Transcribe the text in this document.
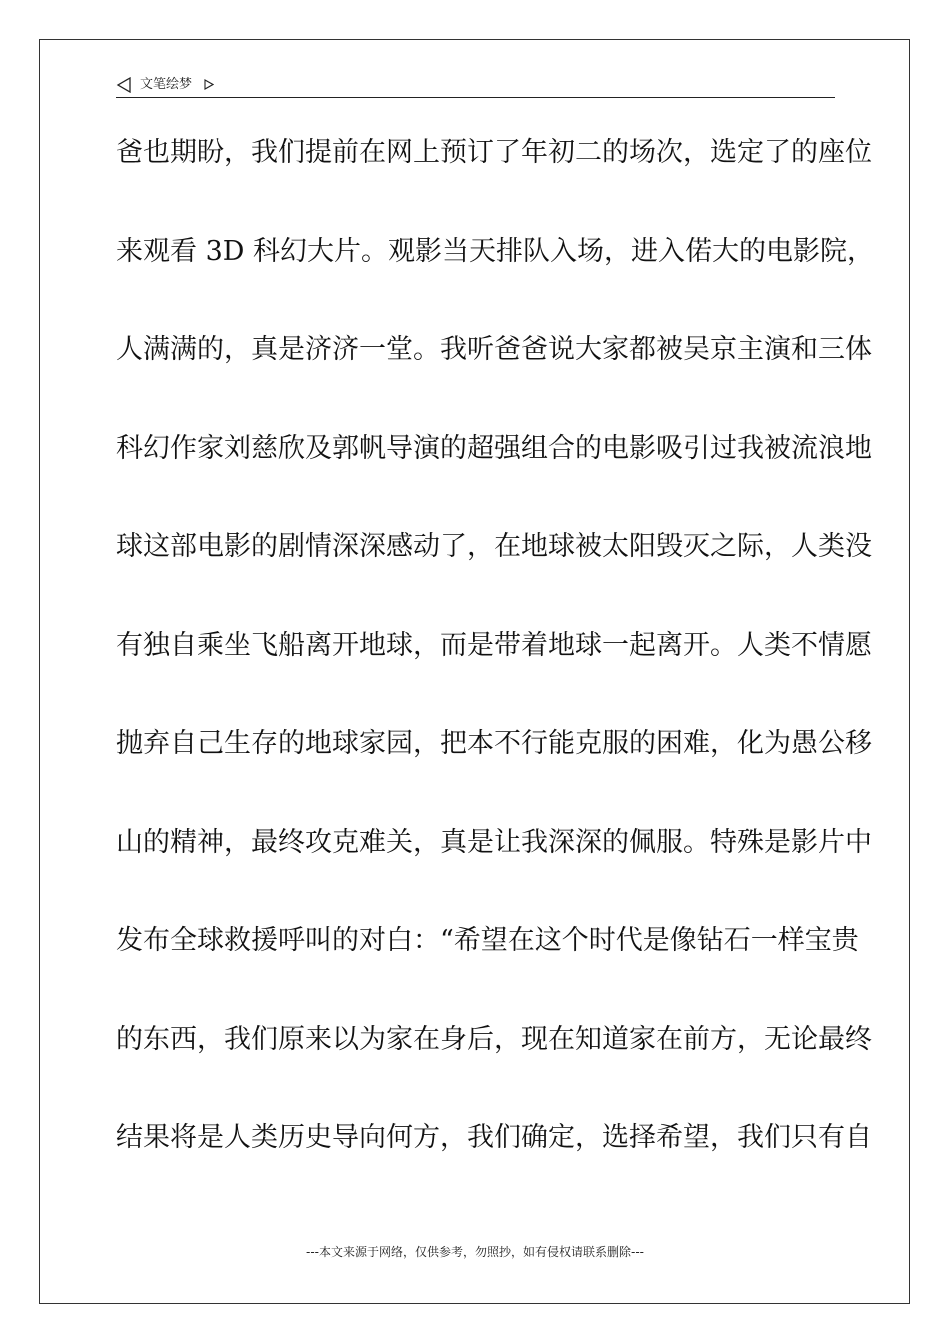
文笔绘梦
爸也期盼，我们提前在网上预订了年初二的场次，选定了的座位
来观看 3D 科幻大片。观影当天排队入场，进入偌大的电影院，
人满满的，真是济济一堂。我听爸爸说大家都被吴京主演和三体
科幻作家刘慈欣及郭帆导演的超强组合的电影吸引过我被流浪地
球这部电影的剧情深深感动了，在地球被太阳毁灭之际，人类没
有独自乘坐飞船离开地球，而是带着地球一起离开。人类不情愿
抛弃自己生存的地球家园，把本不行能克服的困难，化为愚公移
山的精神，最终攻克难关，真是让我深深的佩服。特殊是影片中
发布全球救援呼叫的对白：“希望在这个时代是像钻石一样宝贵
的东西，我们原来以为家在身后，现在知道家在前方，无论最终
结果将是人类历史导向何方，我们确定，选择希望，我们只有自
---本文来源于网络，仅供参考，勿照抄，如有侵权请联系删除---
